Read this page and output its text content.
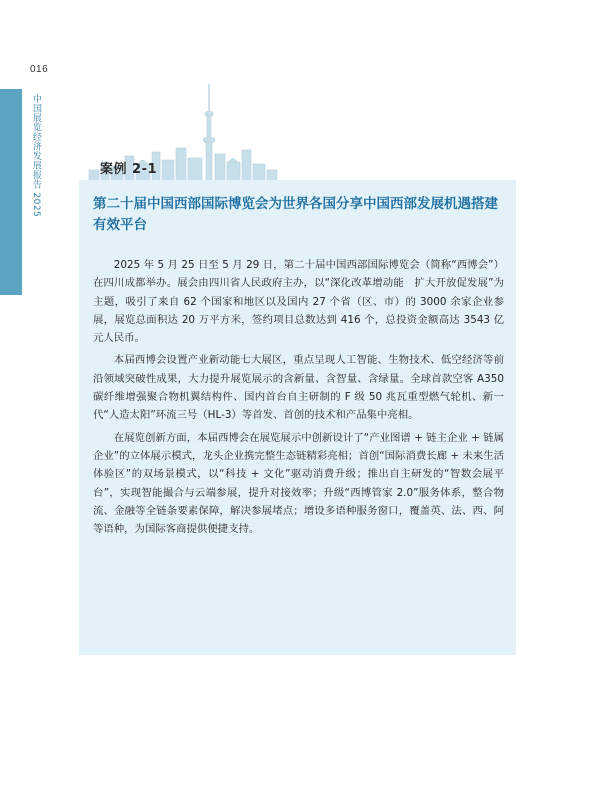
016
中国展览经济发展报告 2025	案例 2-1
第二十届中国西部国际博览会为世界各国分享中国西部发展机遇搭建有效平台

2025 年 5 月 25 日至 5 月 29 日，第二十届中国西部国际博览会（简称“西博会”）在四川成都举办。展会由四川省人民政府主办，以“深化改革增动能　扩大开放促发展”为主题，吸引了来自 62 个国家和地区以及国内 27 个省（区、市）的 3000 余家企业参展，展览总面积达 20 万平方米，签约项目总数达到 416 个，总投资金额高达 3543 亿元人民币。

本届西博会设置产业新动能七大展区，重点呈现人工智能、生物技术、低空经济等前沿领域突破性成果，大力提升展览展示的含新量、含智量、含绿量。全球首款空客 A350 碳纤维增强聚合物机翼结构件、国内首台自主研制的 F 级 50 兆瓦重型燃气轮机、新一代“人造太阳”环流三号（HL-3）等首发、首创的技术和产品集中亮相。

在展览创新方面，本届西博会在展览展示中创新设计了“产业图谱 + 链主企业 + 链属企业”的立体展示模式，龙头企业携完整生态链精彩亮相；首创“国际消费长廊 + 未来生活体验区”的双场景模式，以“科技 + 文化”驱动消费升级；推出自主研发的“智数会展平台”，实现智能撮合与云端参展，提升对接效率；升级“西博管家 2.0”服务体系，整合物流、金融等全链条要素保障，解决参展堵点；增设多语种服务窗口，覆盖英、法、西、阿等语种，为国际客商提供便捷支持。
